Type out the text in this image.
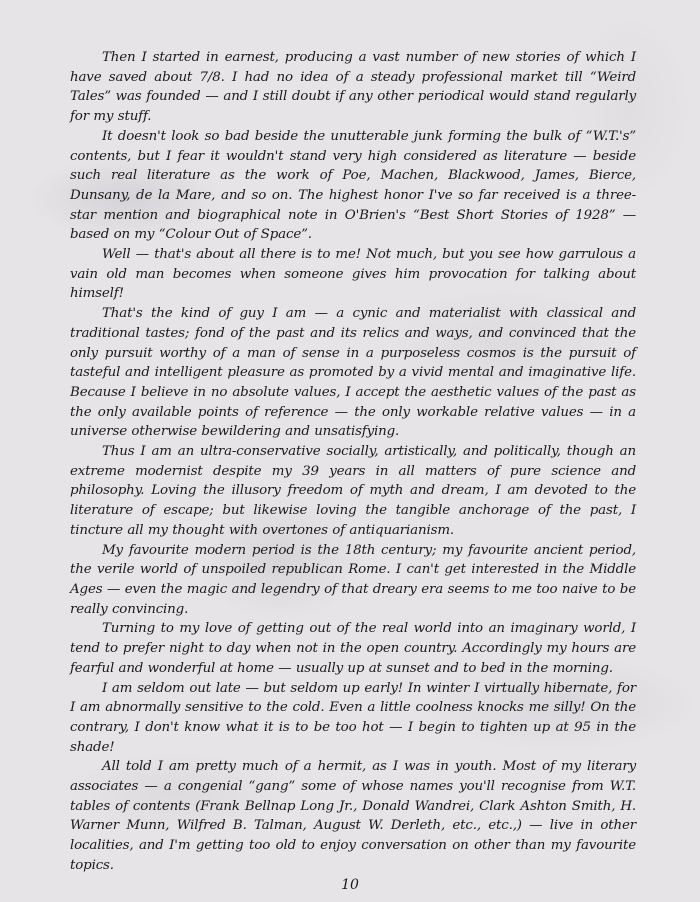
Then I started in earnest, producing a vast number of new stories of which I have saved about 7/8. I had no idea of a steady professional market till “Weird Tales” was founded — and I still doubt if any other periodical would stand regularly for my stuff.

It doesn't look so bad beside the unutterable junk forming the bulk of “W.T.'s” contents, but I fear it wouldn't stand very high considered as literature — beside such real literature as the work of Poe, Machen, Blackwood, James, Bierce, Dunsany, de la Mare, and so on. The highest honor I've so far received is a three-star mention and biographical note in O'Brien's “Best Short Stories of 1928” — based on my “Colour Out of Space”.

Well — that's about all there is to me! Not much, but you see how garrulous a vain old man becomes when someone gives him provocation for talking about himself!

That's the kind of guy I am — a cynic and materialist with classical and traditional tastes; fond of the past and its relics and ways, and convinced that the only pursuit worthy of a man of sense in a purposeless cosmos is the pursuit of tasteful and intelligent pleasure as promoted by a vivid mental and imaginative life. Because I believe in no absolute values, I accept the aesthetic values of the past as the only available points of reference — the only workable relative values — in a universe otherwise bewildering and unsatisfying.

Thus I am an ultra-conservative socially, artistically, and politically, though an extreme modernist despite my 39 years in all matters of pure science and philosophy. Loving the illusory freedom of myth and dream, I am devoted to the literature of escape; but likewise loving the tangible anchorage of the past, I tincture all my thought with overtones of antiquarianism.

My favourite modern period is the 18th century; my favourite ancient period, the verile world of unspoiled republican Rome. I can't get interested in the Middle Ages — even the magic and legendry of that dreary era seems to me too naive to be really convincing.

Turning to my love of getting out of the real world into an imaginary world, I tend to prefer night to day when not in the open country. Accordingly my hours are fearful and wonderful at home — usually up at sunset and to bed in the morning.

I am seldom out late — but seldom up early! In winter I virtually hibernate, for I am abnormally sensitive to the cold. Even a little coolness knocks me silly! On the contrary, I don't know what it is to be too hot — I begin to tighten up at 95 in the shade!

All told I am pretty much of a hermit, as I was in youth. Most of my literary associates — a congenial “gang” some of whose names you'll recognise from W.T. tables of contents (Frank Bellnap Long Jr., Donald Wandrei, Clark Ashton Smith, H. Warner Munn, Wilfred B. Talman, August W. Derleth, etc., etc.,) — live in other localities, and I'm getting too old to enjoy conversation on other than my favourite topics.

10
